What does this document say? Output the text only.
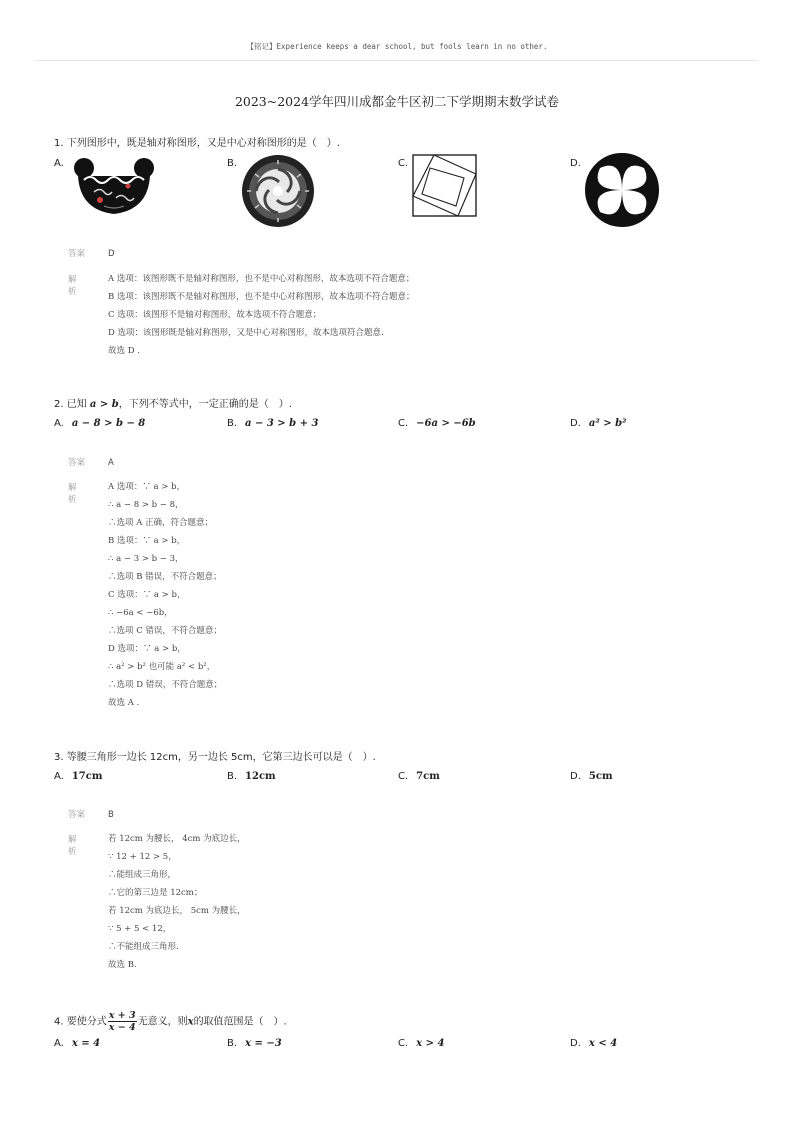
【铭记】Experience keeps a dear school, but fools learn in no other.
2023~2024学年四川成都金牛区初二下学期期末数学试卷
1. 下列图形中，既是轴对称图形，又是中心对称图形的是（　）.
A.	B.	C.	D.
答案	D
解析
A 选项：该图形既不是轴对称图形，也不是中心对称图形，故本选项不符合题意；
B 选项：该图形既不是轴对称图形，也不是中心对称图形，故本选项不符合题意；
C 选项：该图形不是轴对称图形，故本选项不符合题意；
D 选项：该图形既是轴对称图形，又是中心对称图形，故本选项符合题意.
故选 D .
2. 已知 a > b，下列不等式中，一定正确的是（　）.
A. a − 8 > b − 8	B. a − 3 > b + 3	C. −6a > −6b	D. a² > b²
答案	A
解析
A 选项：∵ a > b，
∴ a − 8 > b − 8，
∴选项 A 正确，符合题意；
B 选项：∵ a > b，
∴ a − 3 > b − 3，
∴选项 B 错误，不符合题意；
C 选项：∵ a > b，
∴ −6a < −6b，
∴选项 C 错误，不符合题意；
D 选项：∵ a > b，
∴ a² > b² 也可能 a² < b²，
∴选项 D 错误，不符合题意；
故选 A .
3. 等腰三角形一边长 12cm，另一边长 5cm，它第三边长可以是（　）.
A. 17cm	B. 12cm	C. 7cm	D. 5cm
答案	B
解析
若 12cm 为腰长， 4cm 为底边长，
∵ 12 + 12 > 5，
∴能组成三角形，
∴它的第三边是 12cm；
若 12cm 为底边长， 5cm 为腰长，
∵ 5 + 5 < 12，
∴不能组成三角形.
故选 B.
4. 要使分式 $\frac{x + 3}{x - 4}$ 无意义，则x的取值范围是（　）.
A. x = 4	B. x = −3	C. x > 4	D. x < 4
